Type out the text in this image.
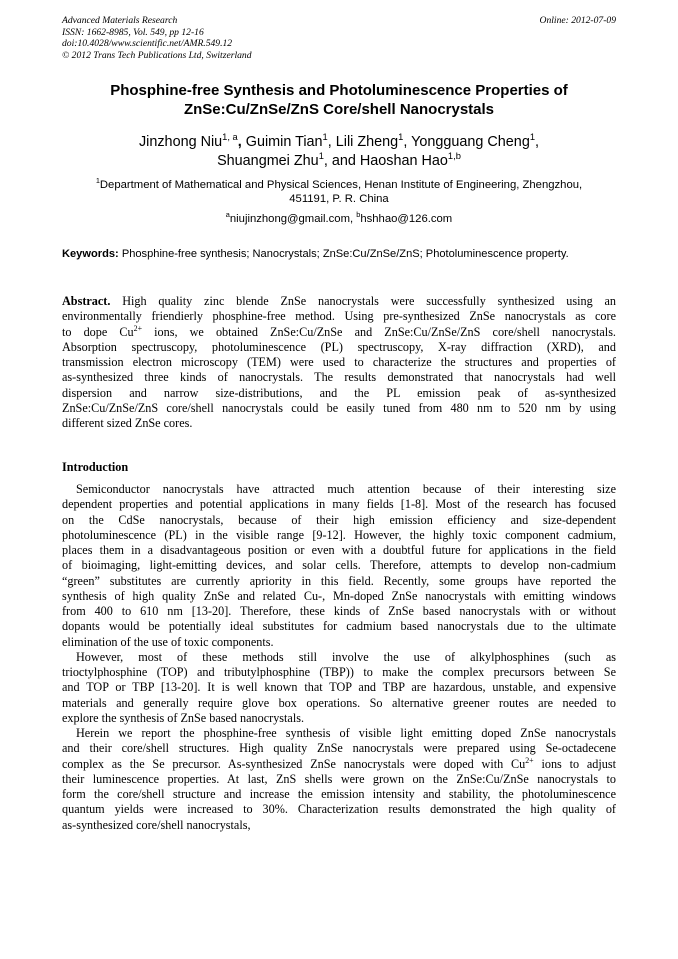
Advanced Materials Research
ISSN: 1662-8985, Vol. 549, pp 12-16
doi:10.4028/www.scientific.net/AMR.549.12
© 2012 Trans Tech Publications Ltd, Switzerland
Online: 2012-07-09
Phosphine-free Synthesis and Photoluminescence Properties of
ZnSe:Cu/ZnSe/ZnS Core/shell Nanocrystals
Jinzhong Niu$^{1, a}$, Guimin Tian$^1$, Lili Zheng$^1$, Yongguang Cheng$^1$,
Shuangmei Zhu$^1$, and Haoshan Hao$^{1,b}$
$^1$Department of Mathematical and Physical Sciences, Henan Institute of Engineering, Zhengzhou,
451191, P. R. China
$^a$niujinzhong@gmail.com, $^b$hshhao@126.com
Keywords: Phosphine-free synthesis; Nanocrystals; ZnSe:Cu/ZnSe/ZnS; Photoluminescence property.
Abstract. High quality zinc blende ZnSe nanocrystals were successfully synthesized using an
environmentally friendierly phosphine-free method. Using pre-synthesized ZnSe nanocrystals as core
to dope $Cu^{2+}$ ions, we obtained ZnSe:Cu/ZnSe and ZnSe:Cu/ZnSe/ZnS core/shell nanocrystals.
Absorption spectruscopy, photoluminescence (PL) spectruscopy, X-ray diffraction (XRD), and
transmission electron microscopy (TEM) were used to characterize the structures and properties of
as-synthesized three kinds of nanocrystals. The results demonstrated that nanocrystals had well
dispersion and narrow size-distributions, and the PL emission peak of as-synthesized
ZnSe:Cu/ZnSe/ZnS core/shell nanocrystals could be easily tuned from 480 nm to 520 nm by using
different sized ZnSe cores.
Introduction
Semiconductor nanocrystals have attracted much attention because of their interesting size
dependent properties and potential applications in many fields [1-8]. Most of the research has focused
on the CdSe nanocrystals, because of their high emission efficiency and size-dependent
photoluminescence (PL) in the visible range [9-12]. However, the highly toxic component cadmium,
places them in a disadvantageous position or even with a doubtful future for applications in the field
of bioimaging, light-emitting devices, and solar cells. Therefore, attempts to develop non-cadmium
“green” substitutes are currently apriority in this field. Recently, some groups have reported the
synthesis of high quality ZnSe and related Cu-, Mn-doped ZnSe nanocrystals with emitting windows
from 400 to 610 nm [13-20]. Therefore, these kinds of ZnSe based nanocrystals with or without
dopants would be potentially ideal substitutes for cadmium based nanocrystals due to the ultimate
elimination of the use of toxic components.
However, most of these methods still involve the use of alkylphosphines (such as
trioctylphosphine (TOP) and tributylphosphine (TBP)) to make the complex precursors between Se
and TOP or TBP [13-20]. It is well known that TOP and TBP are hazardous, unstable, and expensive
materials and generally require glove box operations. So alternative greener routes are needed to
explore the synthesis of ZnSe based nanocrystals.
Herein we report the phosphine-free synthesis of visible light emitting doped ZnSe nanocrystals
and their core/shell structures. High quality ZnSe nanocrystals were prepared using Se-octadecene
complex as the Se precursor. As-synthesized ZnSe nanocrystals were doped with $Cu^{2+}$ ions to adjust
their luminescence properties. At last, ZnS shells were grown on the ZnSe:Cu/ZnSe nanocrystals to
form the core/shell structure and increase the emission intensity and stability, the photoluminescence
quantum yields were increased to 30%. Characterization results demonstrated the high quality of
as-synthesized core/shell nanocrystals,
